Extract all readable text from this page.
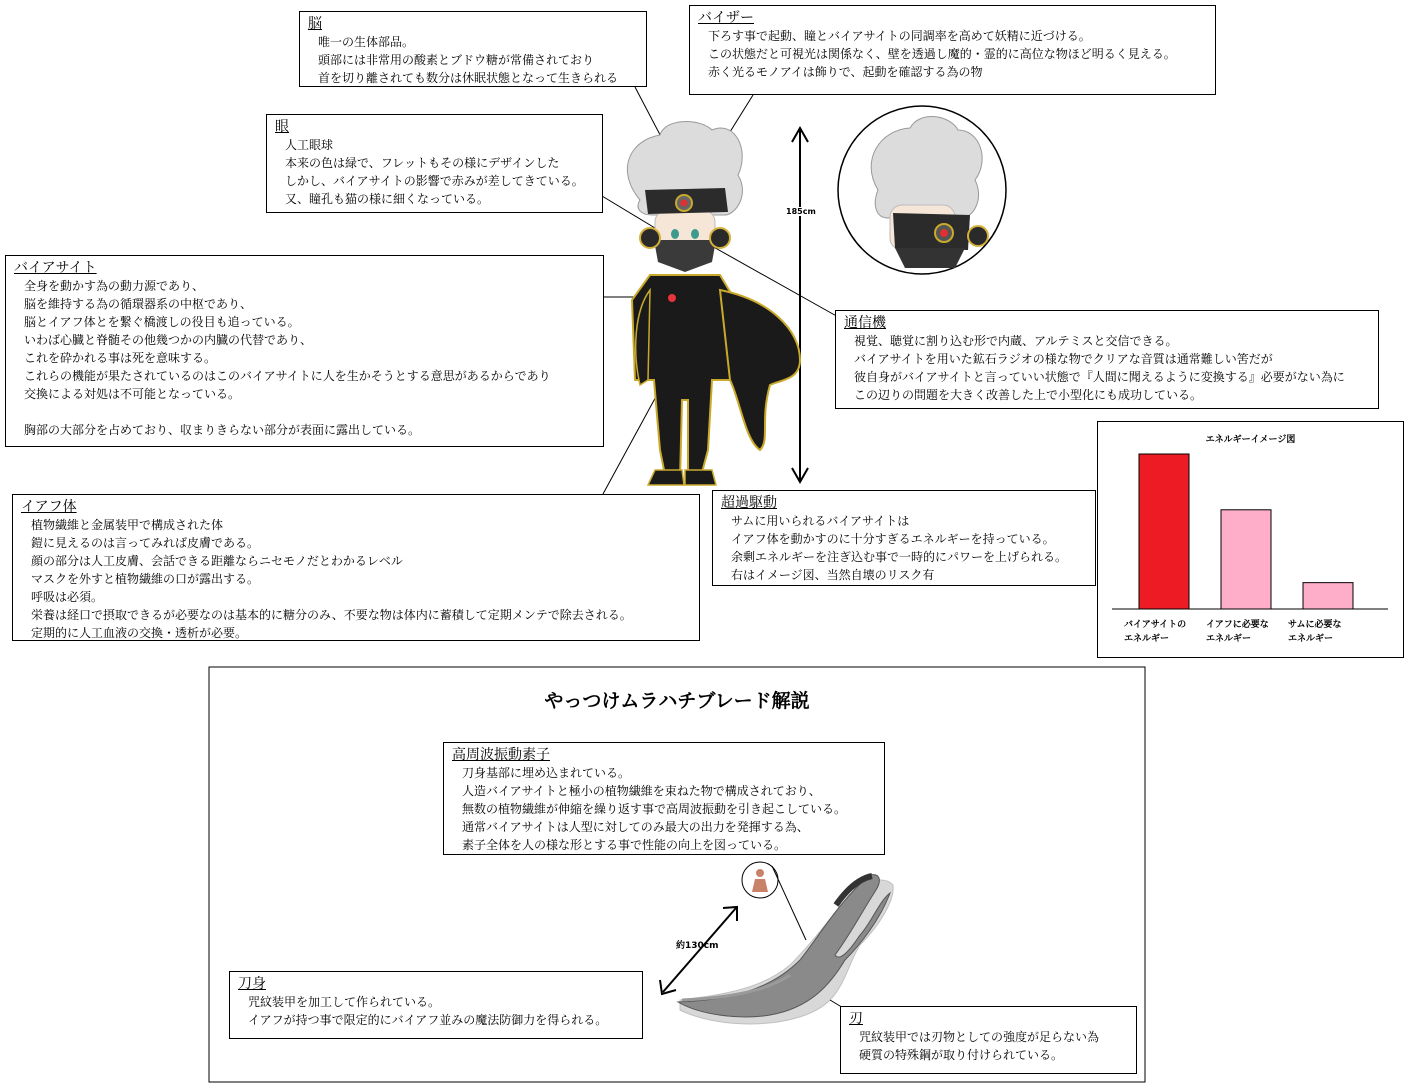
185cm
約130cm
やっつけムラハチブレード解説
脳
唯一の生体部品。
頭部には非常用の酸素とブドウ糖が常備されており
首を切り離されても数分は休眠状態となって生きられる
バイザー
下ろす事で起動、瞳とバイアサイトの同調率を高めて妖精に近づける。
この状態だと可視光は関係なく、壁を透過し魔的・霊的に高位な物ほど明るく見える。
赤く光るモノアイは飾りで、起動を確認する為の物
眼
人工眼球
本来の色は緑で、フレットもその様にデザインした
しかし、バイアサイトの影響で赤みが差してきている。
又、瞳孔も猫の様に細くなっている。
バイアサイト
全身を動かす為の動力源であり、
脳を維持する為の循環器系の中枢であり、
脳とイアフ体とを繋ぐ橋渡しの役目も追っている。
いわば心臓と脊髄その他幾つかの内臓の代替であり、
これを砕かれる事は死を意味する。
これらの機能が果たされているのはこのバイアサイトに人を生かそうとする意思があるからであり
交換による対処は不可能となっている。
胸部の大部分を占めており、収まりきらない部分が表面に露出している。
通信機
視覚、聴覚に割り込む形で内蔵、アルテミスと交信できる。
バイアサイトを用いた鉱石ラジオの様な物でクリアな音質は通常難しい筈だが
彼自身がバイアサイトと言っていい状態で『人間に聞えるように変換する』必要がない為に
この辺りの問題を大きく改善した上で小型化にも成功している。
超過駆動
サムに用いられるバイアサイトは
イアフ体を動かすのに十分すぎるエネルギーを持っている。
余剰エネルギーを注ぎ込む事で一時的にパワーを上げられる。
右はイメージ図、当然自壊のリスク有
イアフ体
植物繊維と金属装甲で構成された体
鎧に見えるのは言ってみれば皮膚である。
顔の部分は人工皮膚、会話できる距離ならニセモノだとわかるレベル
マスクを外すと植物繊維の口が露出する。
呼吸は必須。
栄養は経口で摂取できるが必要なのは基本的に糖分のみ、不要な物は体内に蓄積して定期メンテで除去される。
定期的に人工血液の交換・透析が必要。
高周波振動素子
刀身基部に埋め込まれている。
人造バイアサイトと極小の植物繊維を束ねた物で構成されており、
無数の植物繊維が伸縮を繰り返す事で高周波振動を引き起こしている。
通常バイアサイトは人型に対してのみ最大の出力を発揮する為、
素子全体を人の様な形とする事で性能の向上を図っている。
刀身
咒紋装甲を加工して作られている。
イアフが持つ事で限定的にバイアフ並みの魔法防御力を得られる。	刃
咒紋装甲では刃物としての強度が足らない為
硬質の特殊鋼が取り付けられている。
エネルギーイメージ図
バイアサイトの
エネルギー
イアフに必要な
エネルギー
サムに必要な
エネルギー
